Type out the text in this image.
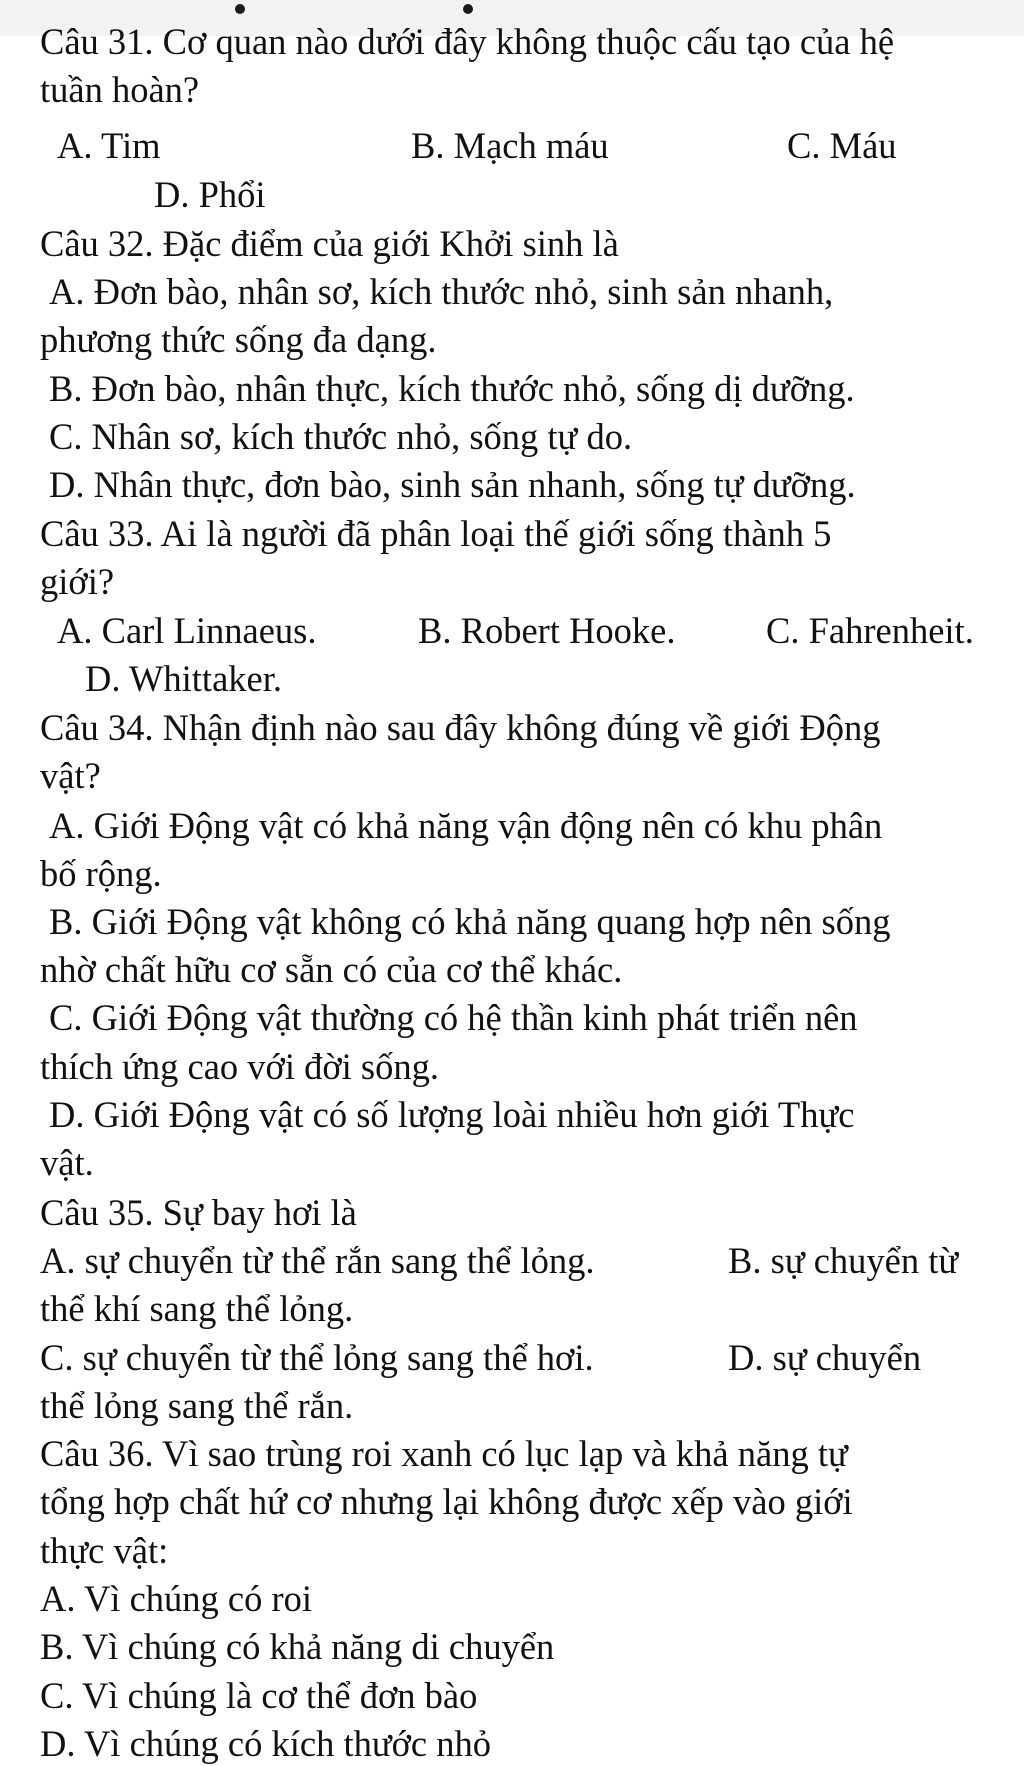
Câu 31. Cơ quan nào dưới đây không thuộc cấu tạo của hệ
tuần hoàn?
A. Tim	B. Mạch máu	C. Máu
D. Phổi
Câu 32. Đặc điểm của giới Khởi sinh là
A. Đơn bào, nhân sơ, kích thước nhỏ, sinh sản nhanh,
phương thức sống đa dạng.
B. Đơn bào, nhân thực, kích thước nhỏ, sống dị dưỡng.
C. Nhân sơ, kích thước nhỏ, sống tự do.
D. Nhân thực, đơn bào, sinh sản nhanh, sống tự dưỡng.
Câu 33. Ai là người đã phân loại thế giới sống thành 5
giới?
A. Carl Linnaeus.	B. Robert Hooke. C. Fahrenheit.
D. Whittaker.
Câu 34. Nhận định nào sau đây không đúng về giới Động
vật?
A. Giới Động vật có khả năng vận động nên có khu phân
bố rộng.
B. Giới Động vật không có khả năng quang hợp nên sống
nhờ chất hữu cơ sẵn có của cơ thể khác.
C. Giới Động vật thường có hệ thần kinh phát triển nên
thích ứng cao với đời sống.
D. Giới Động vật có số lượng loài nhiều hơn giới Thực
vật.
Câu 35. Sự bay hơi là
A. sự chuyển từ thể rắn sang thể lỏng.	B. sự chuyển từ
thể khí sang thể lỏng.
C. sự chuyển từ thể lỏng sang thể hơi.	D. sự chuyển
thể lỏng sang thể rắn.
Câu 36. Vì sao trùng roi xanh có lục lạp và khả năng tự
tổng hợp chất hứ cơ nhưng lại không được xếp vào giới
thực vật:
A. Vì chúng có roi
B. Vì chúng có khả năng di chuyển
C. Vì chúng là cơ thể đơn bào
D. Vì chúng có kích thước nhỏ
